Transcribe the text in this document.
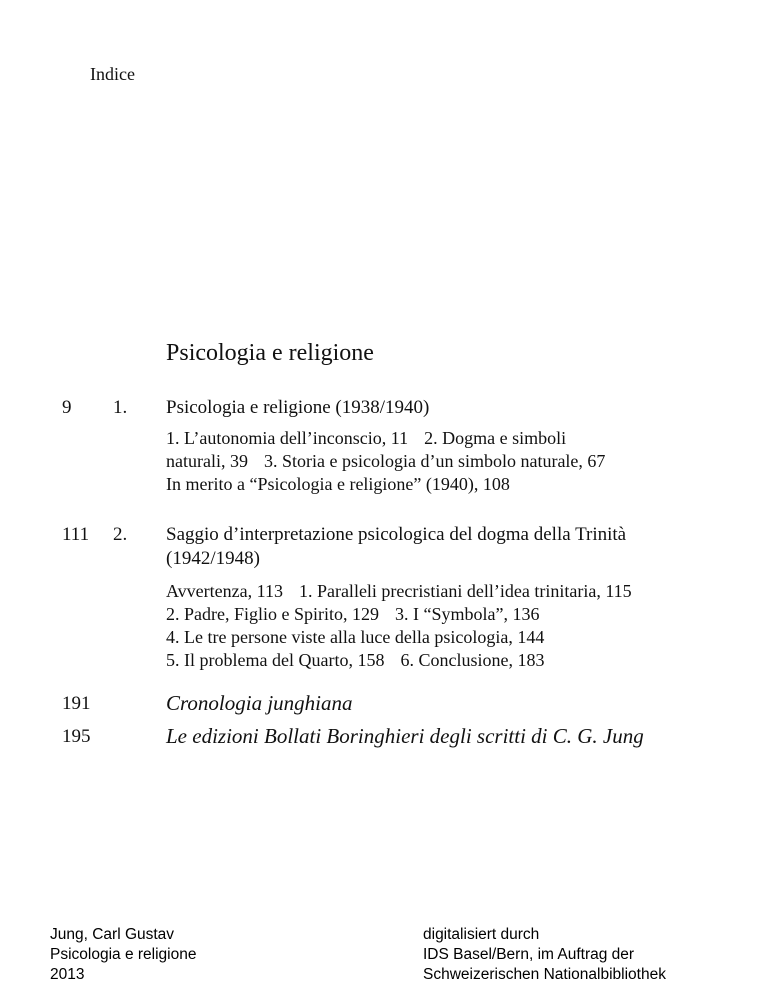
Indice
Psicologia e religione
9 1. Psicologia e religione (1938/1940)
1. L’autonomia dell’inconscio, 11 2. Dogma e simboli
naturali, 39 3. Storia e psicologia d’un simbolo naturale, 67
In merito a “Psicologia e religione” (1940), 108
111 2. Saggio d’interpretazione psicologica del dogma della Trinità
(1942/1948)
Avvertenza, 113 1. Paralleli precristiani dell’idea trinitaria, 115
2. Padre, Figlio e Spirito, 129 3. I “Symbola”, 136
4. Le tre persone viste alla luce della psicologia, 144
5. Il problema del Quarto, 158 6. Conclusione, 183
191	Cronologia junghiana
195	Le edizioni Bollati Boringhieri degli scritti di C. G. Jung
Jung, Carl Gustav
Psicologia e religione
2013
digitalisiert durch
IDS Basel/Bern, im Auftrag der
Schweizerischen Nationalbibliothek
